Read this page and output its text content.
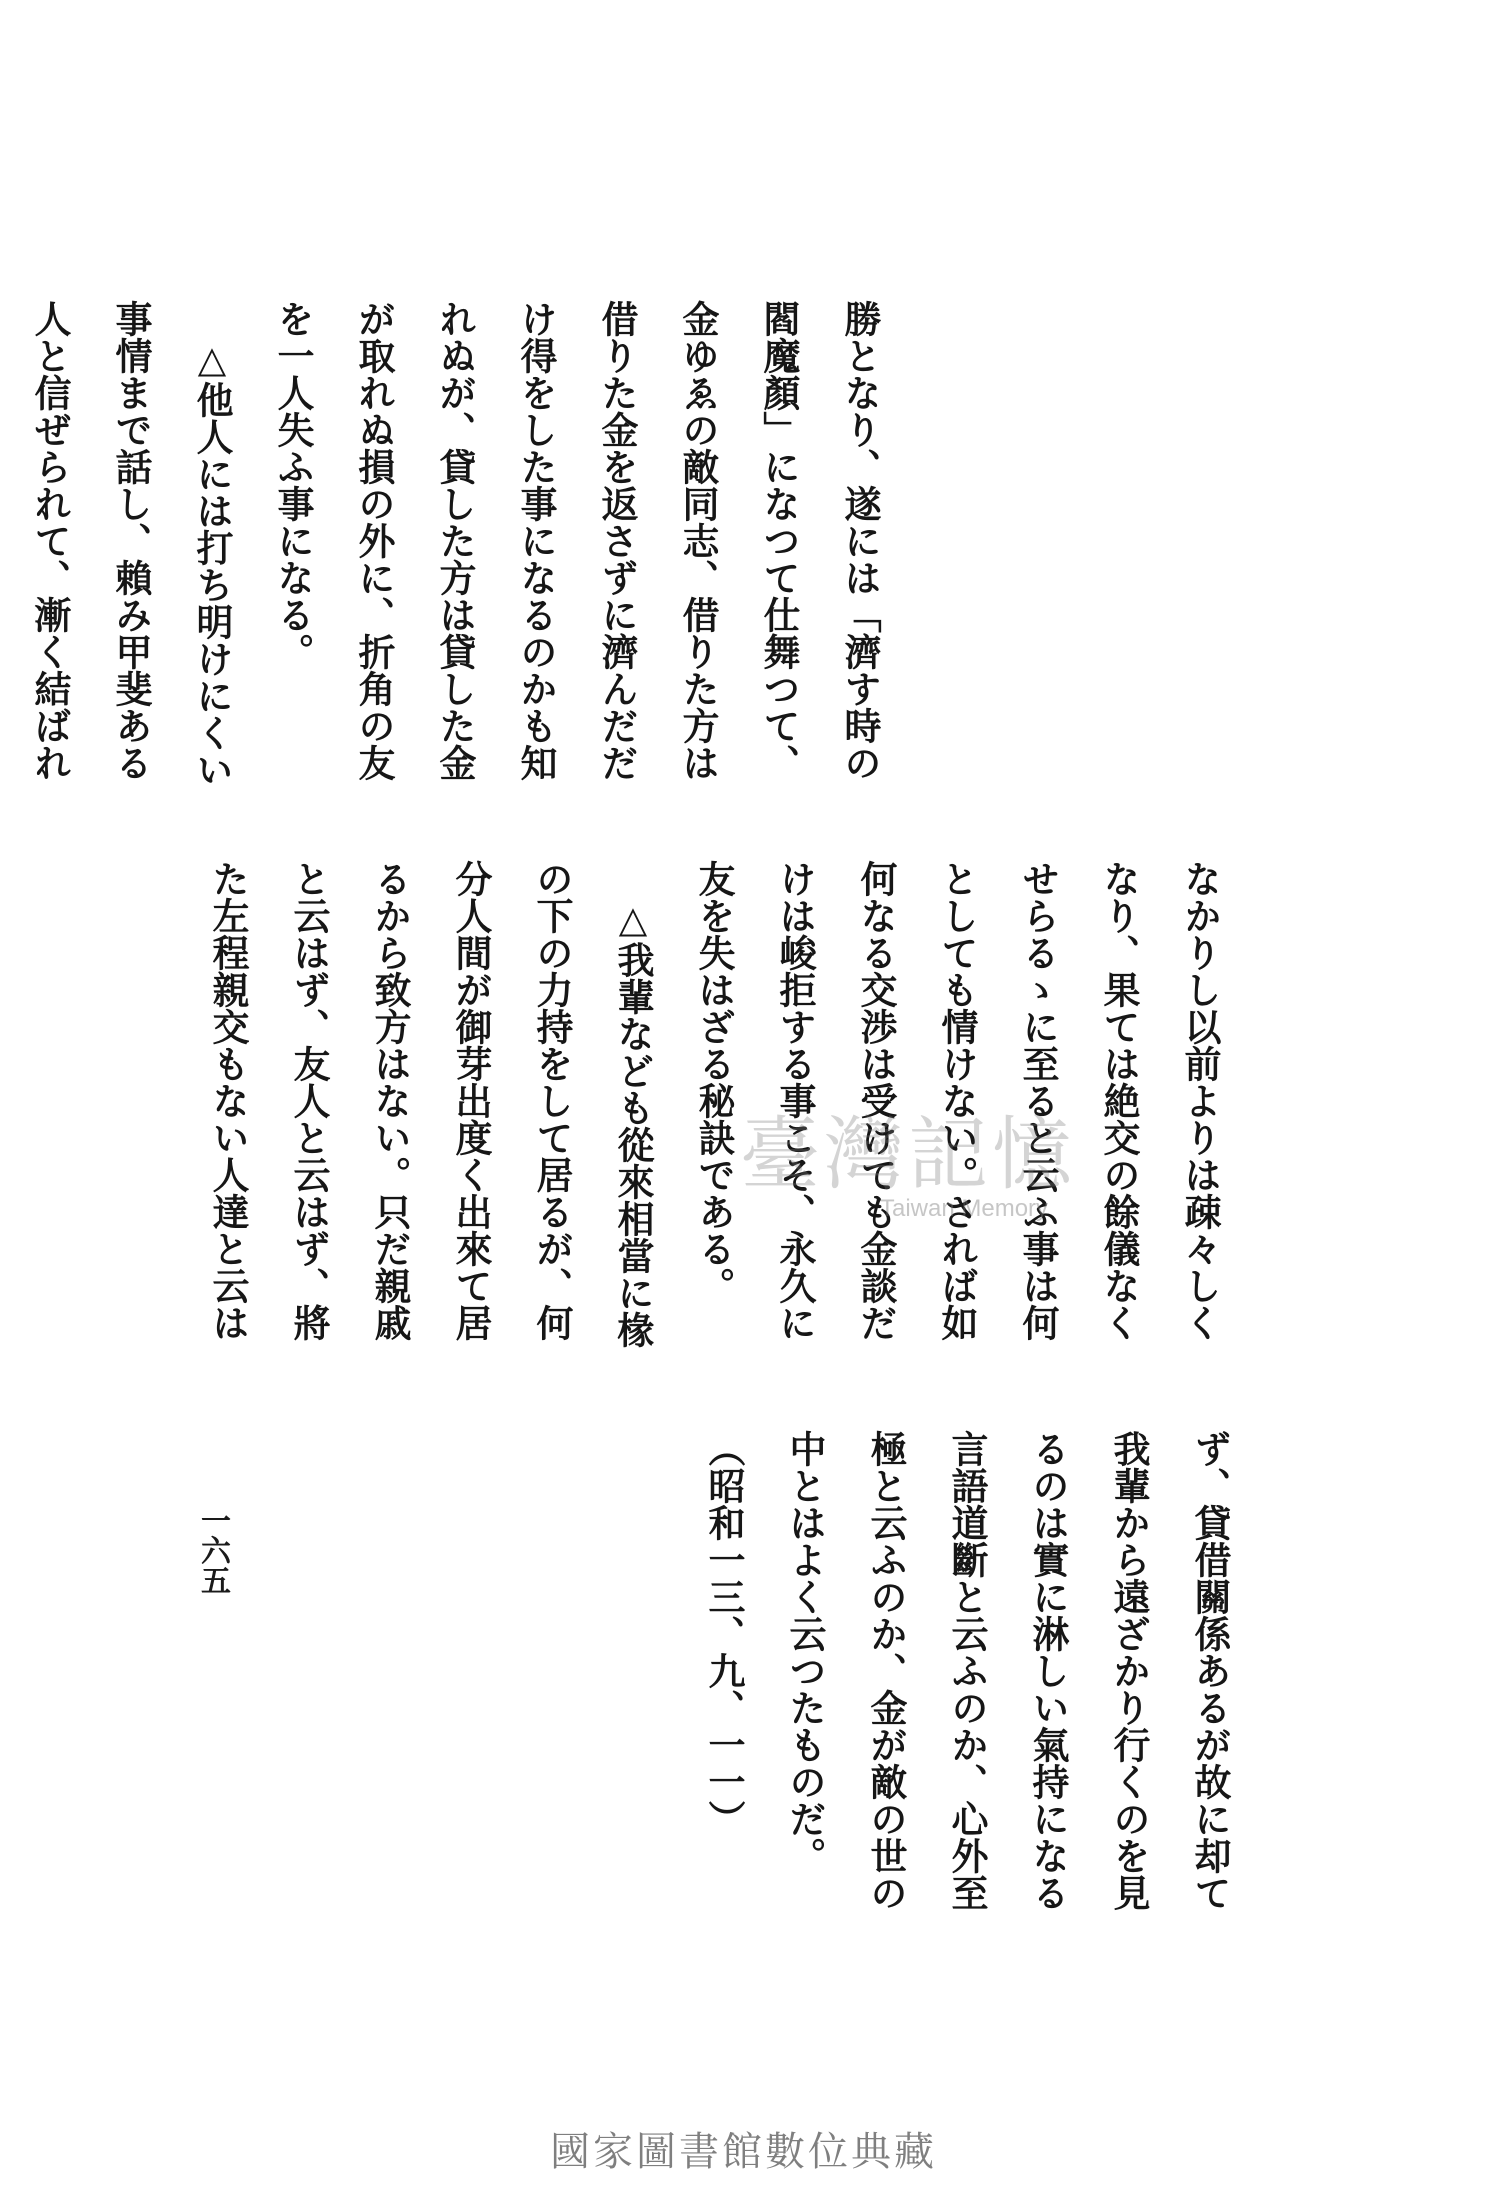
勝となり、遂には「濟す時の
閻魔顏」になつて仕舞つて、
金ゆゑの敵同志、借りた方は
借りた金を返さずに濟んだだ
け得をした事になるのかも知
れぬが、貸した方は貸した金
が取れぬ損の外に、折角の友
を一人失ふ事になる。
　△他人には打ち明けにくい
事情まで話し、賴み甲斐ある
人と信ぜられて、漸く結ばれ
なかりし以前よりは疎々しく
なり、果ては絶交の餘儀なく
せらるゝに至ると云ふ事は何
としても情けない。されば如
何なる交渉は受けても金談だ
けは峻拒する事こそ、永久に
友を失はざる秘訣である。
　△我輩なども從來相當に椽
の下の力持をして居るが、何
分人間が御芽出度く出來て居
るから致方はない。只だ親戚
と云はず、友人と云はず、將
た左程親交もない人達と云は
ず、貸借關係あるが故に却て
我輩から遠ざかり行くのを見
るのは實に淋しい氣持になる
言語道斷と云ふのか、心外至
極と云ふのか、金が敵の世の
中とはよく云つたものだ。
（昭和一三、九、一一）
一六五
臺灣記憶
Taiwan Memory
國家圖書館數位典藏
